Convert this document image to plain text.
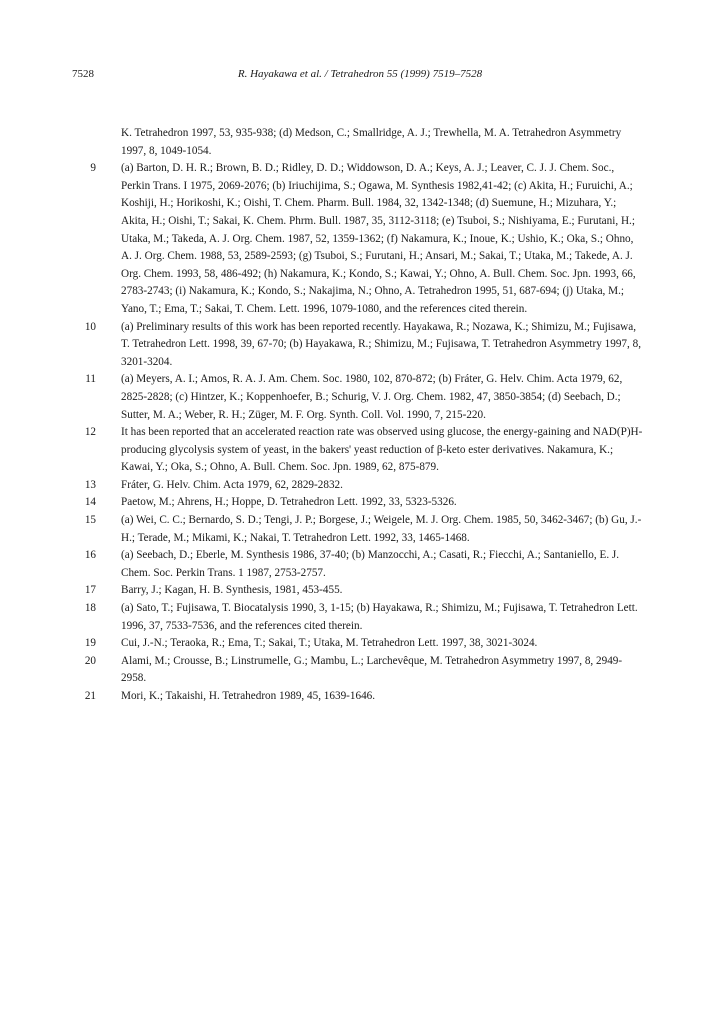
7528	R. Hayakawa et al. / Tetrahedron 55 (1999) 7519–7528
K. Tetrahedron 1997, 53, 935-938; (d) Medson, C.; Smallridge, A. J.; Trewhella, M. A. Tetrahedron Asymmetry 1997, 8, 1049-1054.
9 (a) Barton, D. H. R.; Brown, B. D.; Ridley, D. D.; Widdowson, D. A.; Keys, A. J.; Leaver, C. J. J. Chem. Soc., Perkin Trans. I 1975, 2069-2076; (b) Iriuchijima, S.; Ogawa, M. Synthesis 1982,41-42; (c) Akita, H.; Furuichi, A.; Koshiji, H.; Horikoshi, K.; Oishi, T. Chem. Pharm. Bull. 1984, 32, 1342-1348; (d) Suemune, H.; Mizuhara, Y.; Akita, H.; Oishi, T.; Sakai, K. Chem. Phrm. Bull. 1987, 35, 3112-3118; (e) Tsuboi, S.; Nishiyama, E.; Furutani, H.; Utaka, M.; Takeda, A. J. Org. Chem. 1987, 52, 1359-1362; (f) Nakamura, K.; Inoue, K.; Ushio, K.; Oka, S.; Ohno, A. J. Org. Chem. 1988, 53, 2589-2593; (g) Tsuboi, S.; Furutani, H.; Ansari, M.; Sakai, T.; Utaka, M.; Takede, A. J. Org. Chem. 1993, 58, 486-492; (h) Nakamura, K.; Kondo, S.; Kawai, Y.; Ohno, A. Bull. Chem. Soc. Jpn. 1993, 66, 2783-2743; (i) Nakamura, K.; Kondo, S.; Nakajima, N.; Ohno, A. Tetrahedron 1995, 51, 687-694; (j) Utaka, M.; Yano, T.; Ema, T.; Sakai, T. Chem. Lett. 1996, 1079-1080, and the references cited therein.
10 (a) Preliminary results of this work has been reported recently. Hayakawa, R.; Nozawa, K.; Shimizu, M.; Fujisawa, T. Tetrahedron Lett. 1998, 39, 67-70; (b) Hayakawa, R.; Shimizu, M.; Fujisawa, T. Tetrahedron Asymmetry 1997, 8, 3201-3204.
11 (a) Meyers, A. I.; Amos, R. A. J. Am. Chem. Soc. 1980, 102, 870-872; (b) Fráter, G. Helv. Chim. Acta 1979, 62, 2825-2828; (c) Hintzer, K.; Koppenhoefer, B.; Schurig, V. J. Org. Chem. 1982, 47, 3850-3854; (d) Seebach, D.; Sutter, M. A.; Weber, R. H.; Züger, M. F. Org. Synth. Coll. Vol. 1990, 7, 215-220.
12 It has been reported that an accelerated reaction rate was observed using glucose, the energy-gaining and NAD(P)H-producing glycolysis system of yeast, in the bakers' yeast reduction of β-keto ester derivatives. Nakamura, K.; Kawai, Y.; Oka, S.; Ohno, A. Bull. Chem. Soc. Jpn. 1989, 62, 875-879.
13 Fráter, G. Helv. Chim. Acta 1979, 62, 2829-2832.
14 Paetow, M.; Ahrens, H.; Hoppe, D. Tetrahedron Lett. 1992, 33, 5323-5326.
15 (a) Wei, C. C.; Bernardo, S. D.; Tengi, J. P.; Borgese, J.; Weigele, M. J. Org. Chem. 1985, 50, 3462-3467; (b) Gu, J.-H.; Terade, M.; Mikami, K.; Nakai, T. Tetrahedron Lett. 1992, 33, 1465-1468.
16 (a) Seebach, D.; Eberle, M. Synthesis 1986, 37-40; (b) Manzocchi, A.; Casati, R.; Fiecchi, A.; Santaniello, E. J. Chem. Soc. Perkin Trans. 1 1987, 2753-2757.
17 Barry, J.; Kagan, H. B. Synthesis, 1981, 453-455.
18 (a) Sato, T.; Fujisawa, T. Biocatalysis 1990, 3, 1-15; (b) Hayakawa, R.; Shimizu, M.; Fujisawa, T. Tetrahedron Lett. 1996, 37, 7533-7536, and the references cited therein.
19 Cui, J.-N.; Teraoka, R.; Ema, T.; Sakai, T.; Utaka, M. Tetrahedron Lett. 1997, 38, 3021-3024.
20 Alami, M.; Crousse, B.; Linstrumelle, G.; Mambu, L.; Larchevêque, M. Tetrahedron Asymmetry 1997, 8, 2949-2958.
21 Mori, K.; Takaishi, H. Tetrahedron 1989, 45, 1639-1646.
